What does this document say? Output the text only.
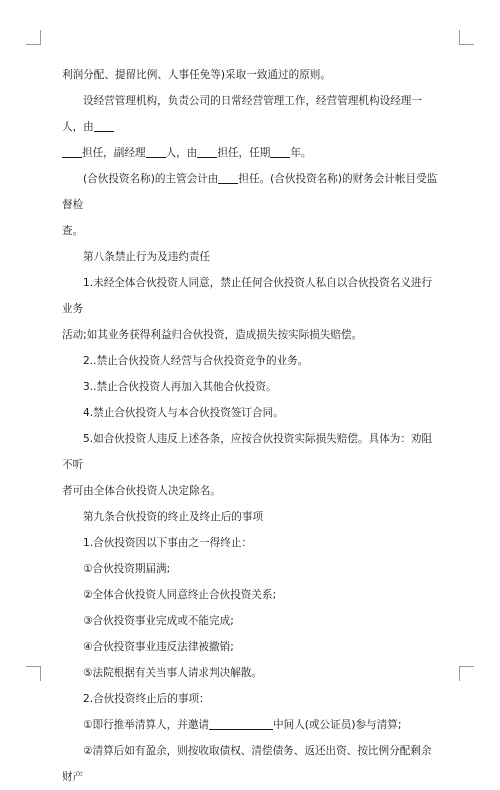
利润分配、提留比例、人事任免等)采取一致通过的原则。

设经营管理机构，负责公司的日常经营管理工作，经营管理机构设经理一人，由

担任，副经理 人，由 担任，任期 年。

(合伙投资名称)的主管会计由 担任。(合伙投资名称)的财务会计帐目受监督检

查。

第八条禁止行为及违约责任

1.未经全体合伙投资人同意，禁止任何合伙投资人私自以合伙投资名义进行业务

活动;如其业务获得利益归合伙投资，造成损失按实际损失赔偿。

2..禁止合伙投资人经营与合伙投资竞争的业务。

3..禁止合伙投资人再加入其他合伙投资。

4.禁止合伙投资人与本合伙投资签订合同。

5.如合伙投资人违反上述各条，应按合伙投资实际损失赔偿。具体为：劝阻不听

者可由全体合伙投资人决定除名。

第九条合伙投资的终止及终止后的事项

1.合伙投资因以下事由之一得终止：

①合伙投资期届满;

②全体合伙投资人同意终止合伙投资关系;

③合伙投资事业完成或不能完成;

④合伙投资事业违反法律被撤销;

⑤法院根据有关当事人请求判决解散。

2.合伙投资终止后的事项：

①即行推举清算人，并邀请	中间人(或公证员)参与清算;

②清算后如有盈余，则按收取债权、清偿债务、返还出资、按比例分配剩余财产
